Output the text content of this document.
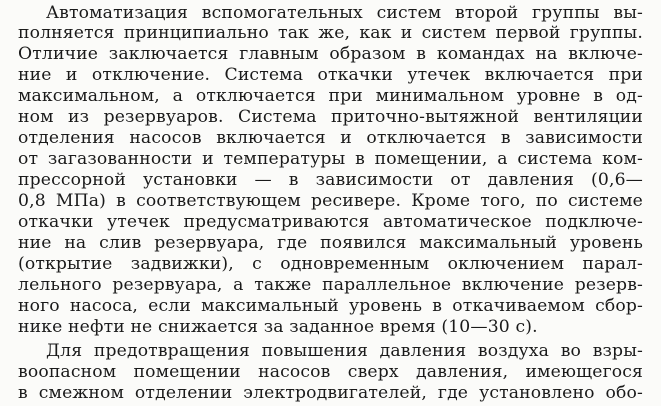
Автоматизация вспомогательных систем второй группы вы-
полняется принципиально так же, как и систем первой группы.
Отличие заключается главным образом в командах на включе-
ние и отключение. Система откачки утечек включается при
максимальном, а отключается при минимальном уровне в од-
ном из резервуаров. Система приточно-вытяжной вентиляции
отделения насосов включается и отключается в зависимости
от загазованности и температуры в помещении, а система ком-
прессорной установки — в зависимости от давления (0,6—
0,8 МПа) в соответствующем ресивере. Кроме того, по системе
откачки утечек предусматриваются автоматическое подключе-
ние на слив резервуара, где появился максимальный уровень
(открытие задвижки), с одновременным оключением парал-
лельного резервуара, а также параллельное включение резерв-
ного насоса, если максимальный уровень в откачиваемом сбор-
нике нефти не снижается за заданное время (10—30 с).
Для предотвращения повышения давления воздуха во взры-
воопасном помещении насосов сверх давления, имеющегося
в смежном отделении электродвигателей, где установлено обо-
